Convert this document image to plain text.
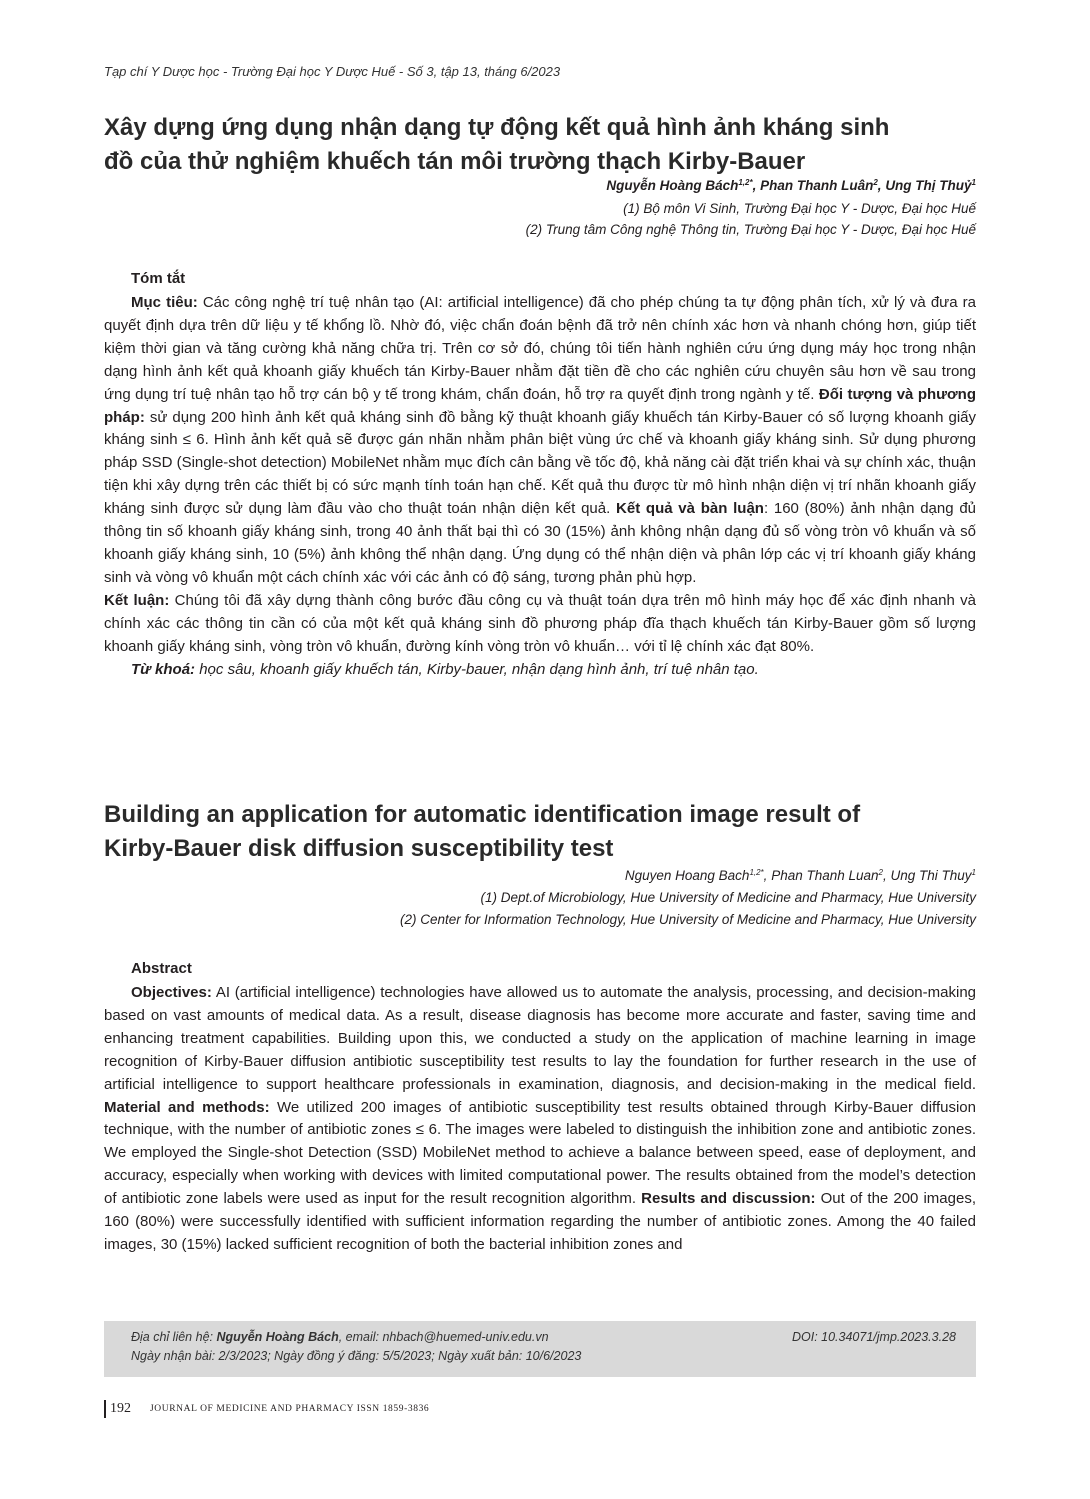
Tạp chí Y Dược học - Trường Đại học Y Dược Huế - Số 3, tập 13, tháng 6/2023
Xây dựng ứng dụng nhận dạng tự động kết quả hình ảnh kháng sinh
đồ của thử nghiệm khuếch tán môi trường thạch Kirby-Bauer
Nguyễn Hoàng Bách$^{1,2*}$, Phan Thanh Luân$^2$, Ung Thị Thuỷ$^1$
(1) Bộ môn Vi Sinh, Trường Đại học Y - Dược, Đại học Huế
(2) Trung tâm Công nghệ Thông tin, Trường Đại học Y - Dược, Đại học Huế
Tóm tắt

Mục tiêu: Các công nghệ trí tuệ nhân tạo (AI: artificial intelligence) đã cho phép chúng ta tự động phân tích, xử lý và đưa ra quyết định dựa trên dữ liệu y tế khổng lồ. Nhờ đó, việc chẩn đoán bệnh đã trở nên chính xác hơn và nhanh chóng hơn, giúp tiết kiệm thời gian và tăng cường khả năng chữa trị. Trên cơ sở đó, chúng tôi tiến hành nghiên cứu ứng dụng máy học trong nhận dạng hình ảnh kết quả khoanh giấy khuếch tán Kirby-Bauer nhằm đặt tiền đề cho các nghiên cứu chuyên sâu hơn về sau trong ứng dụng trí tuệ nhân tạo hỗ trợ cán bộ y tế trong khám, chẩn đoán, hỗ trợ ra quyết định trong ngành y tế. Đối tượng và phương pháp: sử dụng 200 hình ảnh kết quả kháng sinh đồ bằng kỹ thuật khoanh giấy khuếch tán Kirby-Bauer có số lượng khoanh giấy kháng sinh ≤ 6. Hình ảnh kết quả sẽ được gán nhãn nhằm phân biệt vùng ức chế và khoanh giấy kháng sinh. Sử dụng phương pháp SSD (Single-shot detection) MobileNet nhằm mục đích cân bằng về tốc độ, khả năng cài đặt triển khai và sự chính xác, thuận tiện khi xây dựng trên các thiết bị có sức mạnh tính toán hạn chế. Kết quả thu được từ mô hình nhận diện vị trí nhãn khoanh giấy kháng sinh được sử dụng làm đầu vào cho thuật toán nhận diện kết quả. Kết quả và bàn luận: 160 (80%) ảnh nhận dạng đủ thông tin số khoanh giấy kháng sinh, trong 40 ảnh thất bại thì có 30 (15%) ảnh không nhận dạng đủ số vòng tròn vô khuẩn và số khoanh giấy kháng sinh, 10 (5%) ảnh không thể nhận dạng. Ứng dụng có thể nhận diện và phân lớp các vị trí khoanh giấy kháng sinh và vòng vô khuẩn một cách chính xác với các ảnh có độ sáng, tương phản phù hợp.

Kết luận: Chúng tôi đã xây dựng thành công bước đầu công cụ và thuật toán dựa trên mô hình máy học để xác định nhanh và chính xác các thông tin cần có của một kết quả kháng sinh đồ phương pháp đĩa thạch khuếch tán Kirby-Bauer gồm số lượng khoanh giấy kháng sinh, vòng tròn vô khuẩn, đường kính vòng tròn vô khuẩn… với tỉ lệ chính xác đạt 80%.

Từ khoá: học sâu, khoanh giấy khuếch tán, Kirby-bauer, nhận dạng hình ảnh, trí tuệ nhân tạo.

Building an application for automatic identification image result of
Kirby-Bauer disk diffusion susceptibility test
Nguyen Hoang Bach$^{1,2*}$, Phan Thanh Luan$^2$, Ung Thi Thuy$^1$
(1) Dept.of Microbiology, Hue University of Medicine and Pharmacy, Hue University
(2) Center for Information Technology, Hue University of Medicine and Pharmacy, Hue University
Abstract

Objectives: AI (artificial intelligence) technologies have allowed us to automate the analysis, processing, and decision-making based on vast amounts of medical data. As a result, disease diagnosis has become more accurate and faster, saving time and enhancing treatment capabilities. Building upon this, we conducted a study on the application of machine learning in image recognition of Kirby-Bauer diffusion antibiotic susceptibility test results to lay the foundation for further research in the use of artificial intelligence to support healthcare professionals in examination, diagnosis, and decision-making in the medical field. Material and methods: We utilized 200 images of antibiotic susceptibility test results obtained through Kirby-Bauer diffusion technique, with the number of antibiotic zones ≤ 6. The images were labeled to distinguish the inhibition zone and antibiotic zones. We employed the Single-shot Detection (SSD) MobileNet method to achieve a balance between speed, ease of deployment, and accuracy, especially when working with devices with limited computational power. The results obtained from the model’s detection of antibiotic zone labels were used as input for the result recognition algorithm. Results and discussion: Out of the 200 images, 160 (80%) were successfully identified with sufficient information regarding the number of antibiotic zones. Among the 40 failed images, 30 (15%) lacked sufficient recognition of both the bacterial inhibition zones and

Địa chỉ liên hệ: Nguyễn Hoàng Bách, email: nhbach@huemed-univ.edu.vn
Ngày nhận bài: 2/3/2023; Ngày đồng ý đăng: 5/5/2023; Ngày xuất bản: 10/6/2023
DOI: 10.34071/jmp.2023.3.28
192 JOURNAL OF MEDICINE AND PHARMACY ISSN 1859-3836
